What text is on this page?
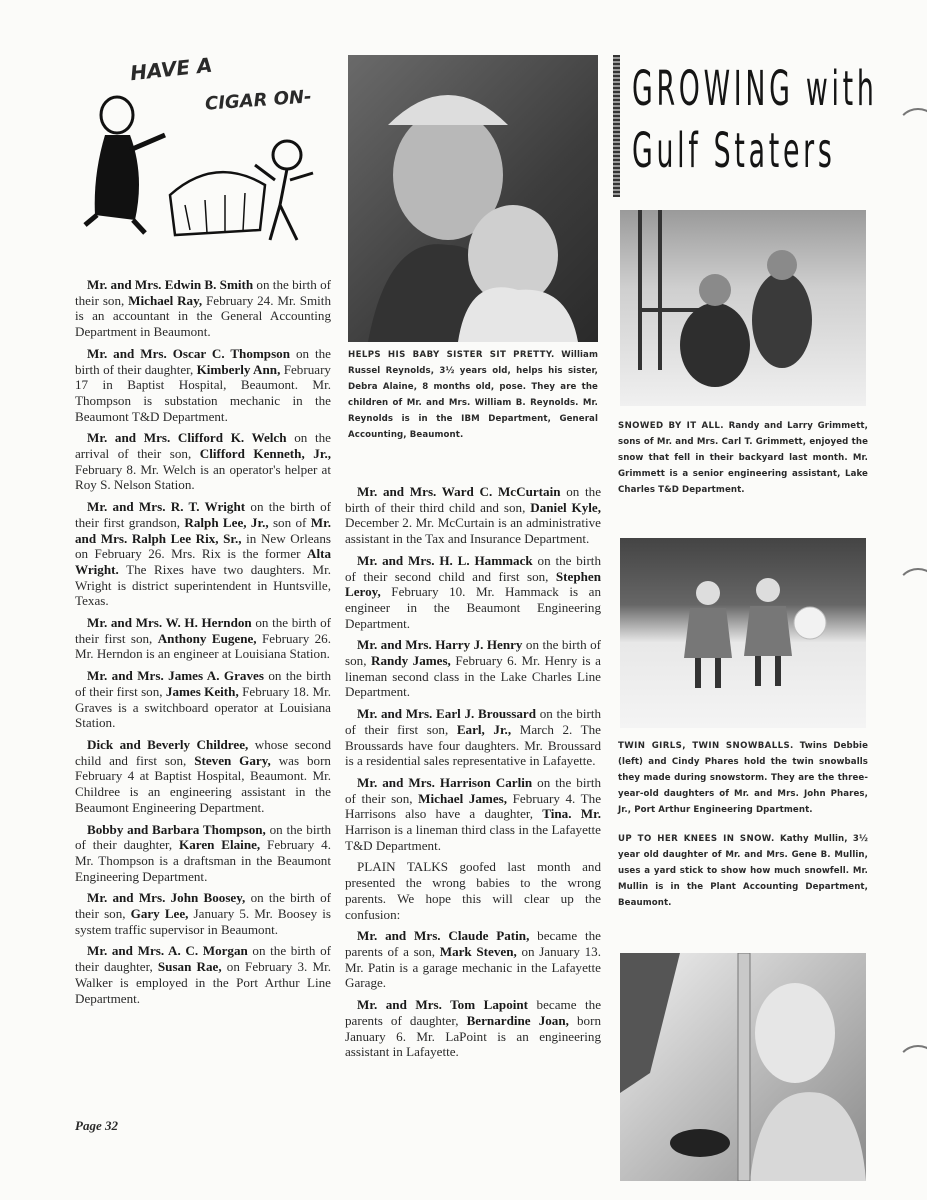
HAVE A
CIGAR ON-

Mr. and Mrs. Edwin B. Smith on the birth of their son, Michael Ray, February 24. Mr. Smith is an accountant in the General Accounting Department in Beaumont.

Mr. and Mrs. Oscar C. Thompson on the birth of their daughter, Kimberly Ann, February 17 in Baptist Hospital, Beaumont. Mr. Thompson is substation mechanic in the Beaumont T&D Department.

Mr. and Mrs. Clifford K. Welch on the arrival of their son, Clifford Kenneth, Jr., February 8. Mr. Welch is an operator's helper at Roy S. Nelson Station.

Mr. and Mrs. R. T. Wright on the birth of their first grandson, Ralph Lee, Jr., son of Mr. and Mrs. Ralph Lee Rix, Sr., in New Orleans on February 26. Mrs. Rix is the former Alta Wright. The Rixes have two daughters. Mr. Wright is district superintendent in Huntsville, Texas.

Mr. and Mrs. W. H. Herndon on the birth of their first son, Anthony Eugene, February 26. Mr. Herndon is an engineer at Louisiana Station.

Mr. and Mrs. James A. Graves on the birth of their first son, James Keith, February 18. Mr. Graves is a switchboard operator at Louisiana Station.

Dick and Beverly Childree, whose second child and first son, Steven Gary, was born February 4 at Baptist Hospital, Beaumont. Mr. Childree is an engineering assistant in the Beaumont Engineering Department.

Bobby and Barbara Thompson, on the birth of their daughter, Karen Elaine, February 4. Mr. Thompson is a draftsman in the Beaumont Engineering Department.

Mr. and Mrs. John Boosey, on the birth of their son, Gary Lee, January 5. Mr. Boosey is system traffic supervisor in Beaumont.

Mr. and Mrs. A. C. Morgan on the birth of their daughter, Susan Rae, on February 3. Mr. Walker is employed in the Port Arthur Line Department.

HELPS HIS BABY SISTER SIT PRETTY. William Russel Reynolds, 3½ years old, helps his sister, Debra Alaine, 8 months old, pose. They are the children of Mr. and Mrs. William B. Reynolds. Mr. Reynolds is in the IBM Department, General Accounting, Beaumont.

Mr. and Mrs. Ward C. McCurtain on the birth of their third child and son, Daniel Kyle, December 2. Mr. McCurtain is an administrative assistant in the Tax and Insurance Department.

Mr. and Mrs. H. L. Hammack on the birth of their second child and first son, Stephen Leroy, February 10. Mr. Hammack is an engineer in the Beaumont Engineering Department.

Mr. and Mrs. Harry J. Henry on the birth of son, Randy James, February 6. Mr. Henry is a lineman second class in the Lake Charles Line Department.

Mr. and Mrs. Earl J. Broussard on the birth of their first son, Earl, Jr., March 2. The Broussards have four daughters. Mr. Broussard is a residential sales representative in Lafayette.

Mr. and Mrs. Harrison Carlin on the birth of their son, Michael James, February 4. The Harrisons also have a daughter, Tina. Mr. Harrison is a lineman third class in the Lafayette T&D Department.

PLAIN TALKS goofed last month and presented the wrong babies to the wrong parents. We hope this will clear up the confusion:

Mr. and Mrs. Claude Patin, became the parents of a son, Mark Steven, on January 13. Mr. Patin is a garage mechanic in the Lafayette Garage.

Mr. and Mrs. Tom Lapoint became the parents of daughter, Bernardine Joan, born January 6. Mr. LaPoint is an engineering assistant in Lafayette.

GROWING with
Gulf Staters
SNOWED BY IT ALL. Randy and Larry Grimmett, sons of Mr. and Mrs. Carl T. Grimmett, enjoyed the snow that fell in their backyard last month. Mr. Grimmett is a senior engineering assistant, Lake Charles T&D Department.
TWIN GIRLS, TWIN SNOWBALLS. Twins Debbie (left) and Cindy Phares hold the twin snowballs they made during snowstorm. They are the three-year-old daughters of Mr. and Mrs. John Phares, Jr., Port Arthur Engineering Dpartment.
UP TO HER KNEES IN SNOW. Kathy Mullin, 3½ year old daughter of Mr. and Mrs. Gene B. Mullin, uses a yard stick to show how much snowfell. Mr. Mullin is in the Plant Accounting Department, Beaumont.
Page 32
